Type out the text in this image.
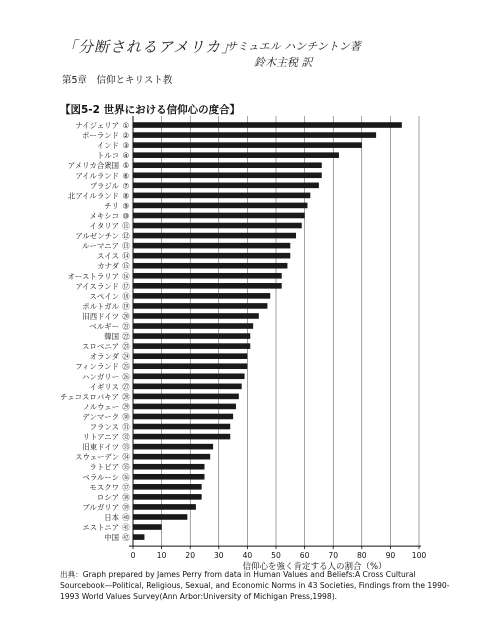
「分断されるアメリカ」
サミュエル ハンチントン著
鈴木主税 訳
第5章　信仰とキリスト教
【図5-2 世界における信仰心の度合】
ナイジェリア ①
ポーランド ②
インド ③
トルコ ④
アメリカ合衆国 ⑤
アイルランド ⑥
ブラジル ⑦
北アイルランド ⑧
チリ ⑨
メキシコ ⑩
イタリア ⑪
アルゼンチン ⑫
ルーマニア ⑬
スイス ⑭
カナダ ⑮
オーストラリア ⑯
アイスランド ⑰
スペイン ⑱
ポルトガル ⑲
旧西ドイツ ⑳
ベルギー ㉑
韓国 ㉒
スロベニア ㉓
オランダ ㉔
フィンランド ㉕
ハンガリー ㉖
イギリス ㉗
チェコスロバキア ㉘
ノルウェー ㉙
デンマーク ㉚
フランス ㉛
リトアニア ㉜
旧東ドイツ ㉝
スウェーデン ㉞
ラトビア ㉟
ベラルーシ ㊱
モスクワ ㊲
ロシア ㊳
ブルガリア ㊴
日本 ㊵
エストニア ㊶
中国 ㊷
0	10 20 30 40 50 60 70 80 90 100
信仰心を強く肯定する人の割合（%）
出典：Graph prepared by James Perry from data in Human Values and Beliefs:A Cross Cultural Sourcebook—Political, Religious, Sexual, and Economic Norms in 43 Societies, Findings from the 1990-1993 World Values Survey(Ann Arbor:University of Michigan Press,1998).
